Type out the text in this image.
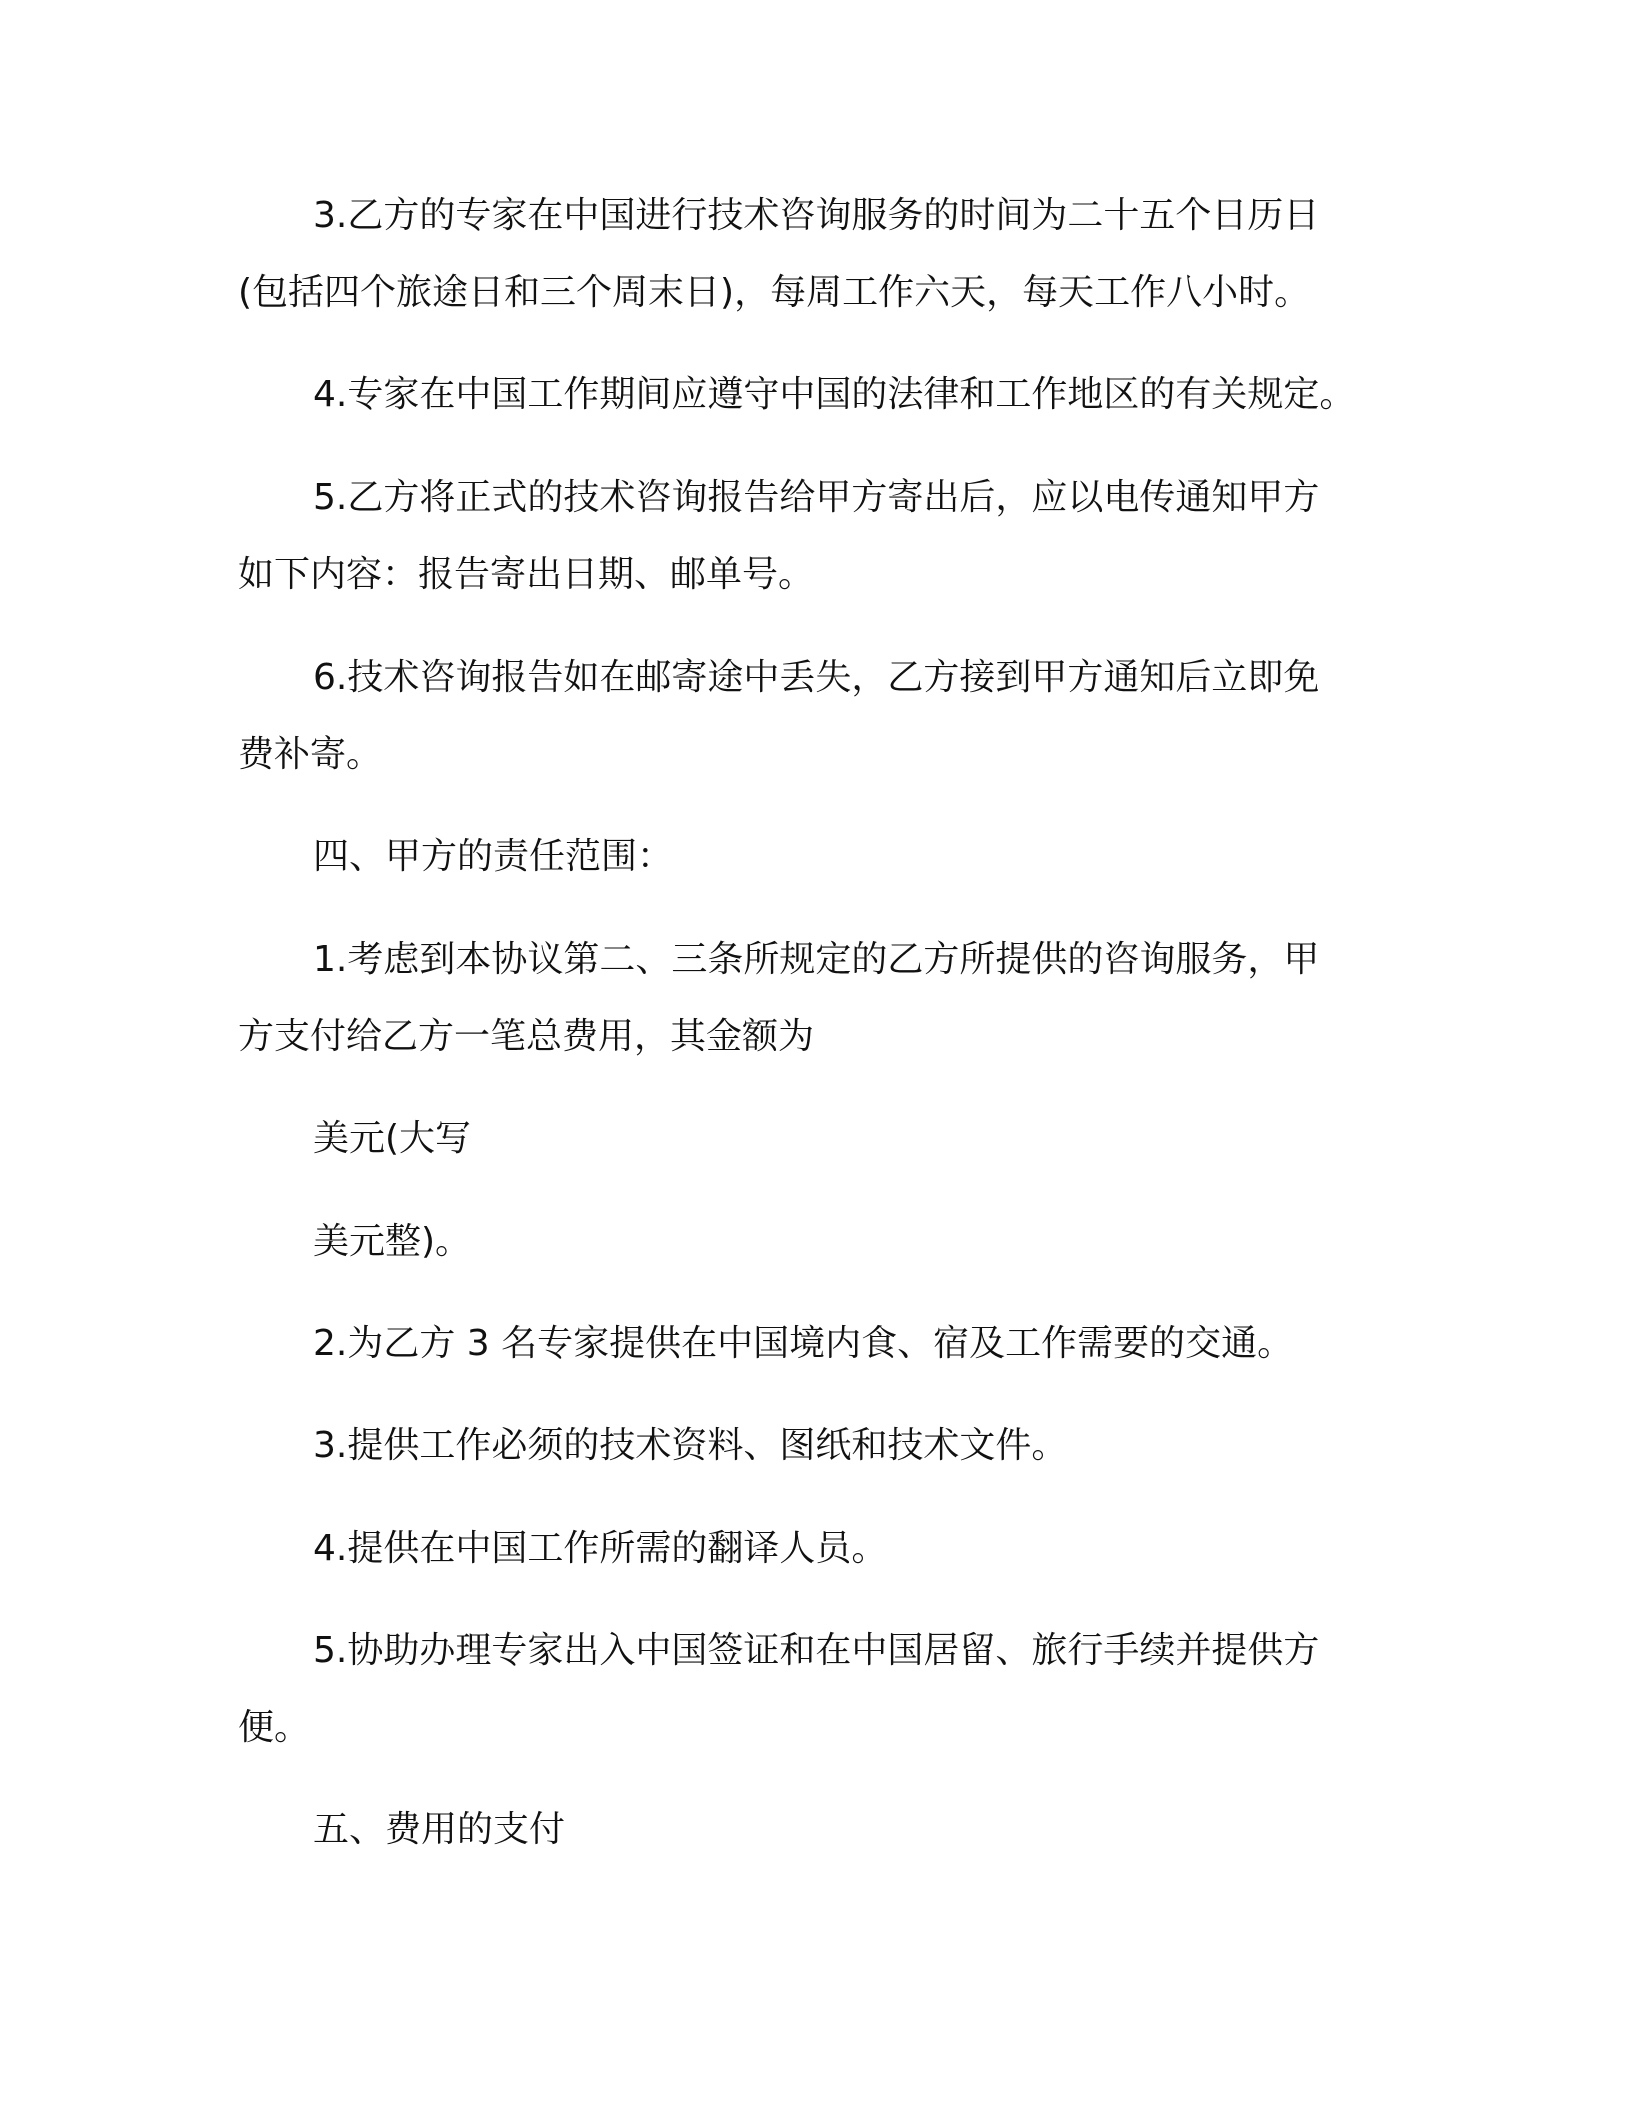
3.乙方的专家在中国进行技术咨询服务的时间为二十五个日历日
(包括四个旅途日和三个周末日)，每周工作六天，每天工作八小时。
4.专家在中国工作期间应遵守中国的法律和工作地区的有关规定。
5.乙方将正式的技术咨询报告给甲方寄出后，应以电传通知甲方
如下内容：报告寄出日期、邮单号。
6.技术咨询报告如在邮寄途中丢失，乙方接到甲方通知后立即免
费补寄。
四、甲方的责任范围：
1.考虑到本协议第二、三条所规定的乙方所提供的咨询服务，甲
方支付给乙方一笔总费用，其金额为
美元(大写
美元整)。
2.为乙方 3 名专家提供在中国境内食、宿及工作需要的交通。
3.提供工作必须的技术资料、图纸和技术文件。
4.提供在中国工作所需的翻译人员。
5.协助办理专家出入中国签证和在中国居留、旅行手续并提供方
便。
五、费用的支付
